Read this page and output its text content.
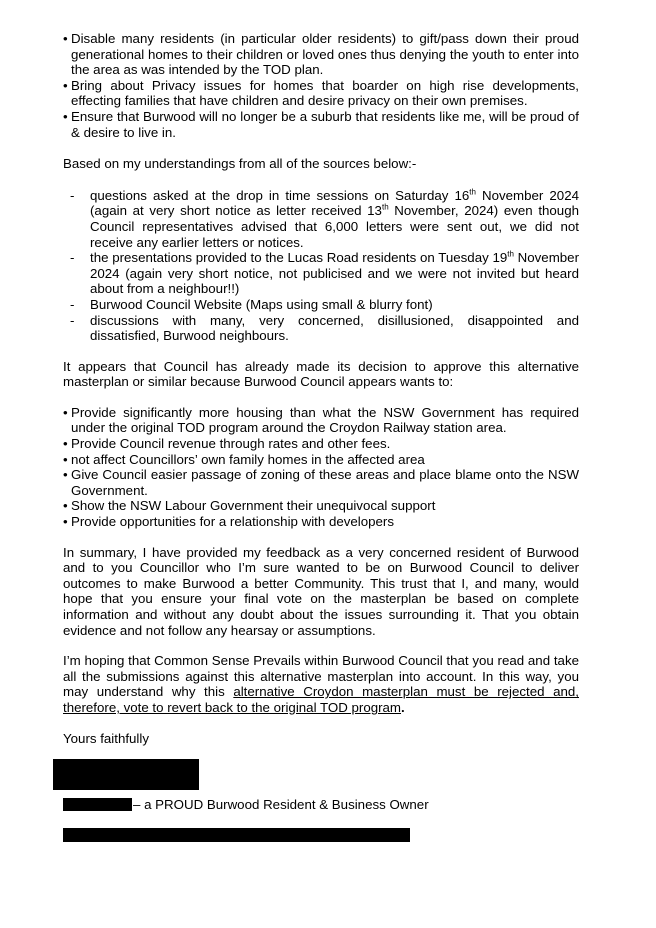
• Disable many residents (in particular older residents) to gift/pass down their proud generational homes to their children or loved ones thus denying the youth to enter into the area as was intended by the TOD plan.

• Bring about Privacy issues for homes that boarder on high rise developments, effecting families that have children and desire privacy on their own premises.

• Ensure that Burwood will no longer be a suburb that residents like me, will be proud of & desire to live in.

Based on my understandings from all of the sources below:-

- questions asked at the drop in time sessions on Saturday 16th November 2024 (again at very short notice as letter received 13th November, 2024) even though Council representatives advised that 6,000 letters were sent out, we did not receive any earlier letters or notices.

- the presentations provided to the Lucas Road residents on Tuesday 19th November 2024 (again very short notice, not publicised and we were not invited but heard about from a neighbour!!)

- Burwood Council Website (Maps using small & blurry font)

- discussions with many, very concerned, disillusioned, disappointed and dissatisfied, Burwood neighbours.

It appears that Council has already made its decision to approve this alternative masterplan or similar because Burwood Council appears wants to:

• Provide significantly more housing than what the NSW Government has required under the original TOD program around the Croydon Railway station area.

• Provide Council revenue through rates and other fees.

• not affect Councillors’ own family homes in the affected area

• Give Council easier passage of zoning of these areas and place blame onto the NSW Government.

• Show the NSW Labour Government their unequivocal support

• Provide opportunities for a relationship with developers

In summary, I have provided my feedback as a very concerned resident of Burwood and to you Councillor who I’m sure wanted to be on Burwood Council to deliver outcomes to make Burwood a better Community. This trust that I, and many, would hope that you ensure your final vote on the masterplan be based on complete information and without any doubt about the issues surrounding it. That you obtain evidence and not follow any hearsay or assumptions.

I’m hoping that Common Sense Prevails within Burwood Council that you read and take all the submissions against this alternative masterplan into account. In this way, you may understand why this alternative Croydon masterplan must be rejected and, therefore, vote to revert back to the original TOD program.

Yours faithfully

– a PROUD Burwood Resident & Business Owner
